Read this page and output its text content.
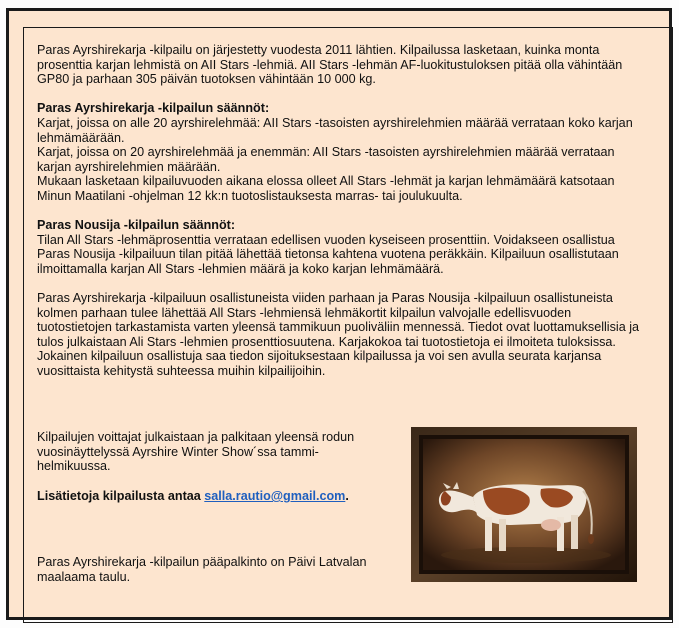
Paras Ayrshirekarja -kilpailu on järjestetty vuodesta 2011 lähtien. Kilpailussa lasketaan, kuinka monta prosenttia karjan lehmistä on AII Stars -lehmiä. AII Stars -lehmän AF-luokitustuloksen pitää olla vähintään GP80 ja parhaan 305 päivän tuotoksen vähintään 10 000 kg.

Paras Ayrshirekarja -kilpailun säännöt:
Karjat, joissa on alle 20 ayrshirelehmää: AII Stars -tasoisten ayrshirelehmien määrää verrataan koko karjan lehmämäärään.
Karjat, joissa on 20 ayrshirelehmää ja enemmän: AII Stars -tasoisten ayrshirelehmien määrää verrataan karjan ayrshirelehmien määrään.
Mukaan lasketaan kilpailuvuoden aikana elossa olleet All Stars -lehmät ja karjan lehmämäärä katsotaan Minun Maatilani -ohjelman 12 kk:n tuotoslistauksesta marras- tai joulukuulta.

Paras Nousija -kilpailun säännöt:
Tilan All Stars -lehmäprosenttia verrataan edellisen vuoden kyseiseen prosenttiin. Voidakseen osallistua Paras Nousija -kilpailuun tilan pitää lähettää tietonsa kahtena vuotena peräkkäin. Kilpailuun osallistutaan ilmoittamalla karjan All Stars -lehmien määrä ja koko karjan lehmämäärä.

Paras Ayrshirekarja -kilpailuun osallistuneista viiden parhaan ja Paras Nousija -kilpailuun osallistuneista kolmen parhaan tulee lähettää All Stars -lehmiensä lehmäkortit kilpailun valvojalle edellisvuoden tuotostietojen tarkastamista varten yleensä tammikuun puoliväliin mennessä. Tiedot ovat luottamuksellisia ja tulos julkaistaan Ali Stars -lehmien prosenttiosuutena. Karjakokoa tai tuotostietoja ei ilmoiteta tuloksissa. Jokainen kilpailuun osallistuja saa tiedon sijoituksestaan kilpailussa ja voi sen avulla seurata karjansa vuosittaista kehitystä suhteessa muihin kilpailijoihin.

Kilpailujen voittajat julkaistaan ja palkitaan yleensä rodun vuosinäyttelyssä Ayrshire Winter Show´ssa tammi-helmikuussa.
Lisätietoja kilpailusta antaa salla.rautio@gmail.com.
Paras Ayrshirekarja -kilpailun pääpalkinto on Päivi Latvalan maalaama taulu.
